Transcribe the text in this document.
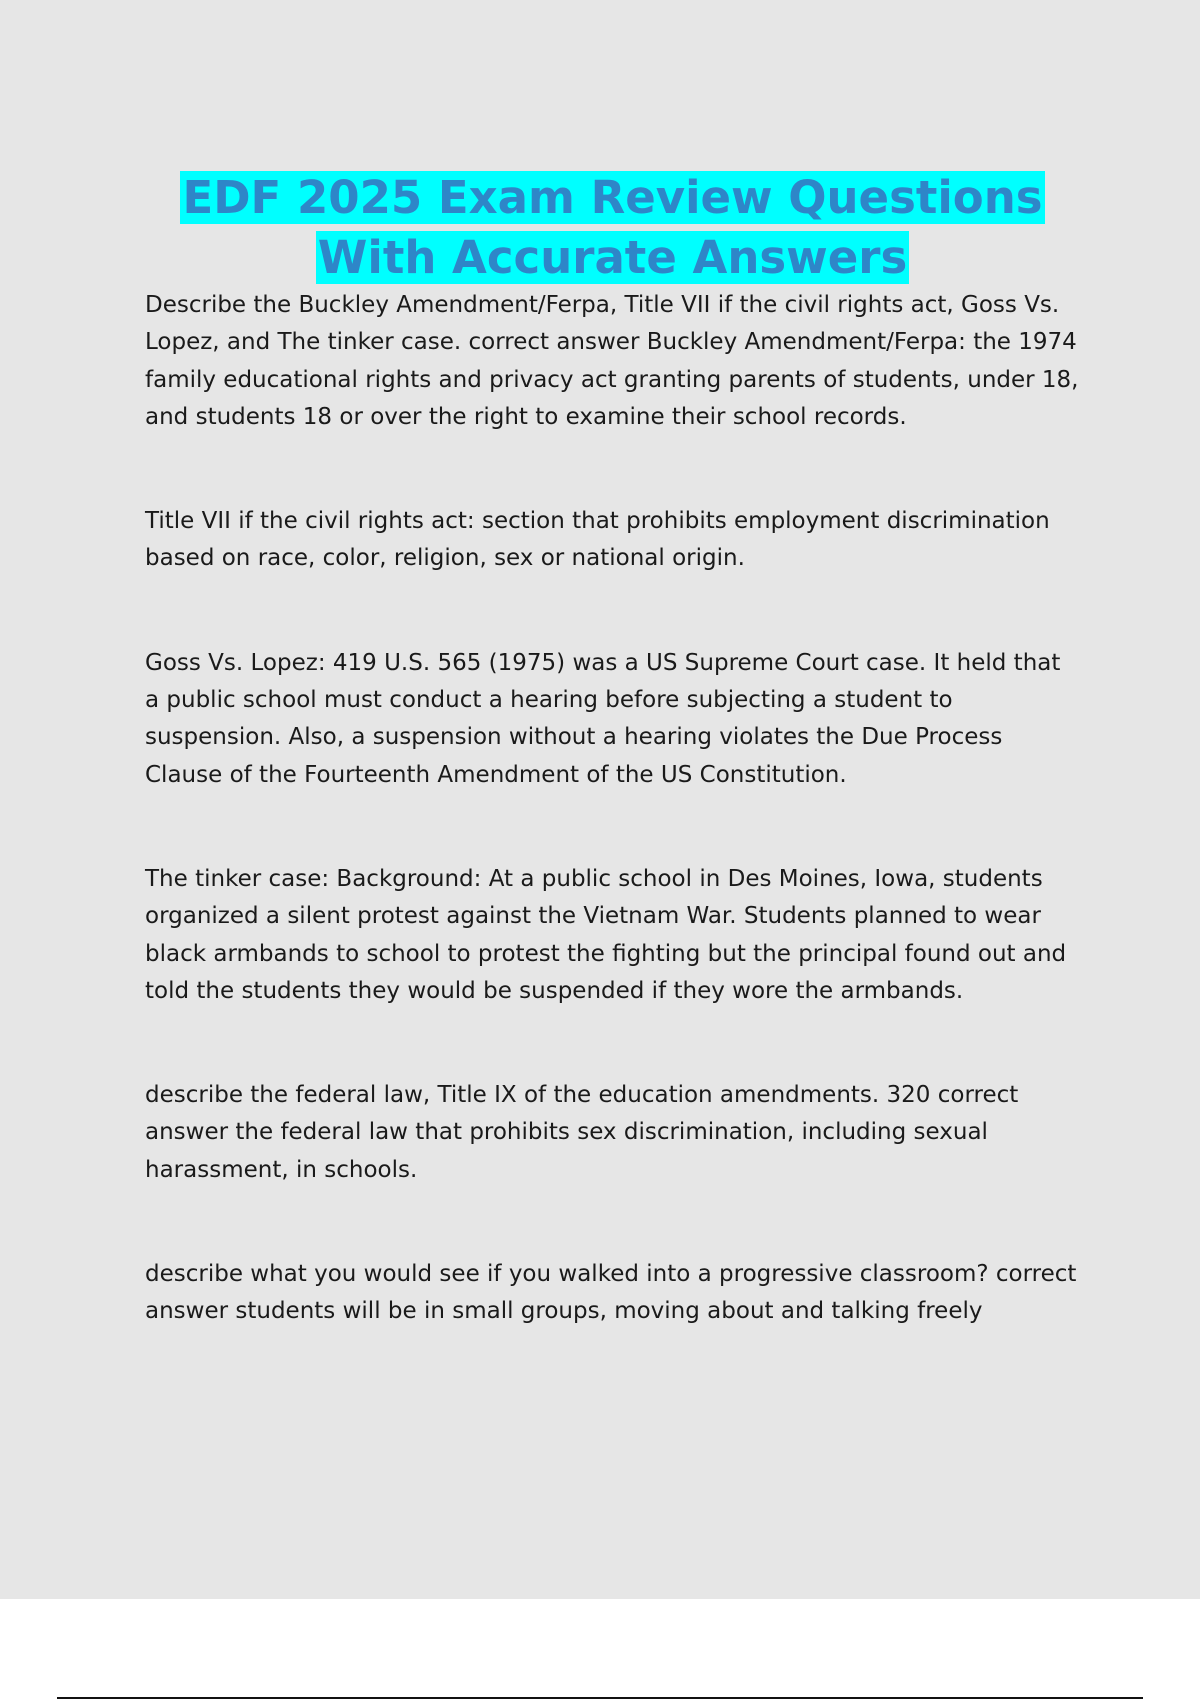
EDF 2025 Exam Review Questions
With Accurate Answers

Describe the Buckley Amendment/Ferpa, Title VII if the civil rights act, Goss Vs. Lopez, and The tinker case. correct answer Buckley Amendment/Ferpa: the 1974 family educational rights and privacy act granting parents of students, under 18, and students 18 or over the right to examine their school records.

Title VII if the civil rights act: section that prohibits employment discrimination based on race, color, religion, sex or national origin.

Goss Vs. Lopez: 419 U.S. 565 (1975) was a US Supreme Court case. It held that a public school must conduct a hearing before subjecting a student to suspension. Also, a suspension without a hearing violates the Due Process Clause of the Fourteenth Amendment of the US Constitution.

The tinker case: Background: At a public school in Des Moines, Iowa, students organized a silent protest against the Vietnam War. Students planned to wear black armbands to school to protest the fighting but the principal found out and told the students they would be suspended if they wore the armbands.

describe the federal law, Title IX of the education amendments. 320 correct answer the federal law that prohibits sex discrimination, including sexual harassment, in schools.

describe what you would see if you walked into a progressive classroom? correct answer students will be in small groups, moving about and talking freely
